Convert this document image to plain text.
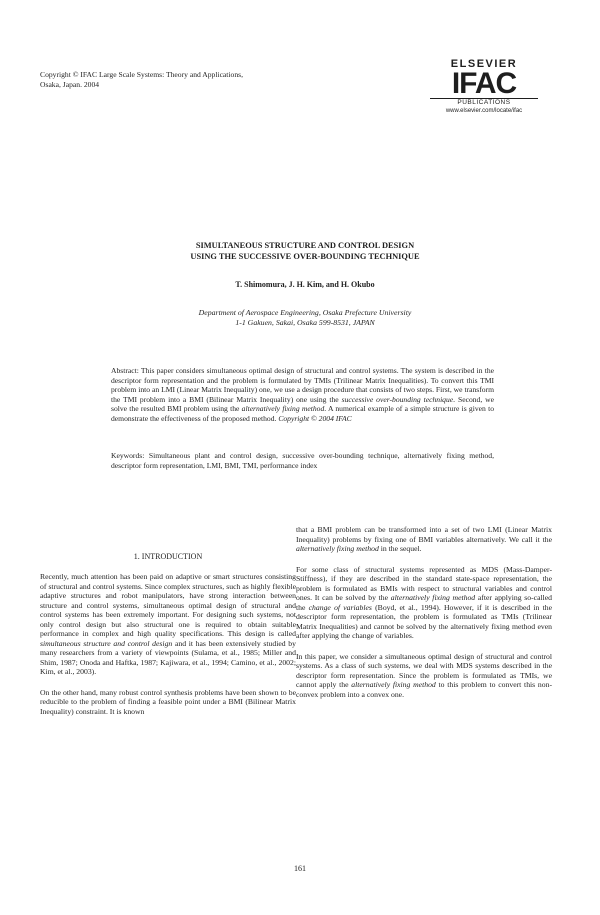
Copyright © IFAC Large Scale Systems: Theory and Applications,
Osaka, Japan. 2004
ELSEVIER
IFAC
PUBLICATIONS
www.elsevier.com/locate/ifac
SIMULTANEOUS STRUCTURE AND CONTROL DESIGN
USING THE SUCCESSIVE OVER-BOUNDING TECHNIQUE
T. Shimomura, J. H. Kim, and H. Okubo
Department of Aerospace Engineering, Osaka Prefecture University
1-1 Gakuen, Sakai, Osaka 599-8531, JAPAN
Abstract: This paper considers simultaneous optimal design of structural and control systems. The system is described in the descriptor form representation and the problem is formulated by TMIs (Trilinear Matrix Inequalities). To convert this TMI problem into an LMI (Linear Matrix Inequality) one, we use a design procedure that consists of two steps. First, we transform the TMI problem into a BMI (Bilinear Matrix Inequality) one using the successive over-bounding technique. Second, we solve the resulted BMI problem using the alternatively fixing method. A numerical example of a simple structure is given to demonstrate the effectiveness of the proposed method. Copyright © 2004 IFAC
Keywords: Simultaneous plant and control design, successive over-bounding technique, alternatively fixing method, descriptor form representation, LMI, BMI, TMI, performance index
1. INTRODUCTION

Recently, much attention has been paid on adaptive or smart structures consisting of structural and control systems. Since complex structures, such as highly flexible adaptive structures and robot manipulators, have strong interaction between structure and control systems, simultaneous optimal design of structural and control systems has been extremely important. For designing such systems, not only control design but also structural one is required to obtain suitable performance in complex and high quality specifications. This design is called simultaneous structure and control design and it has been extensively studied by many researchers from a variety of viewpoints (Sulama, et al., 1985; Miller and Shim, 1987; Onoda and Haftka, 1987; Kajiwara, et al., 1994; Camino, et al., 2002; Kim, et al., 2003).

On the other hand, many robust control synthesis problems have been shown to be reducible to the problem of finding a feasible point under a BMI (Bilinear Matrix Inequality) constraint. It is known

that a BMI problem can be transformed into a set of two LMI (Linear Matrix Inequality) problems by fixing one of BMI variables alternatively. We call it the alternatively fixing method in the sequel.

For some class of structural systems represented as MDS (Mass-Damper-Stiffness), if they are described in the standard state-space representation, the problem is formulated as BMIs with respect to structural variables and control ones. It can be solved by the alternatively fixing method after applying so-called the change of variables (Boyd, et al., 1994). However, if it is described in the descriptor form representation, the problem is formulated as TMIs (Trilinear Matrix Inequalities) and cannot be solved by the alternatively fixing method even after applying the change of variables.

In this paper, we consider a simultaneous optimal design of structural and control systems. As a class of such systems, we deal with MDS systems described in the descriptor form representation. Since the problem is formulated as TMIs, we cannot apply the alternatively fixing method to this problem to convert this non-convex problem into a convex one.

161
